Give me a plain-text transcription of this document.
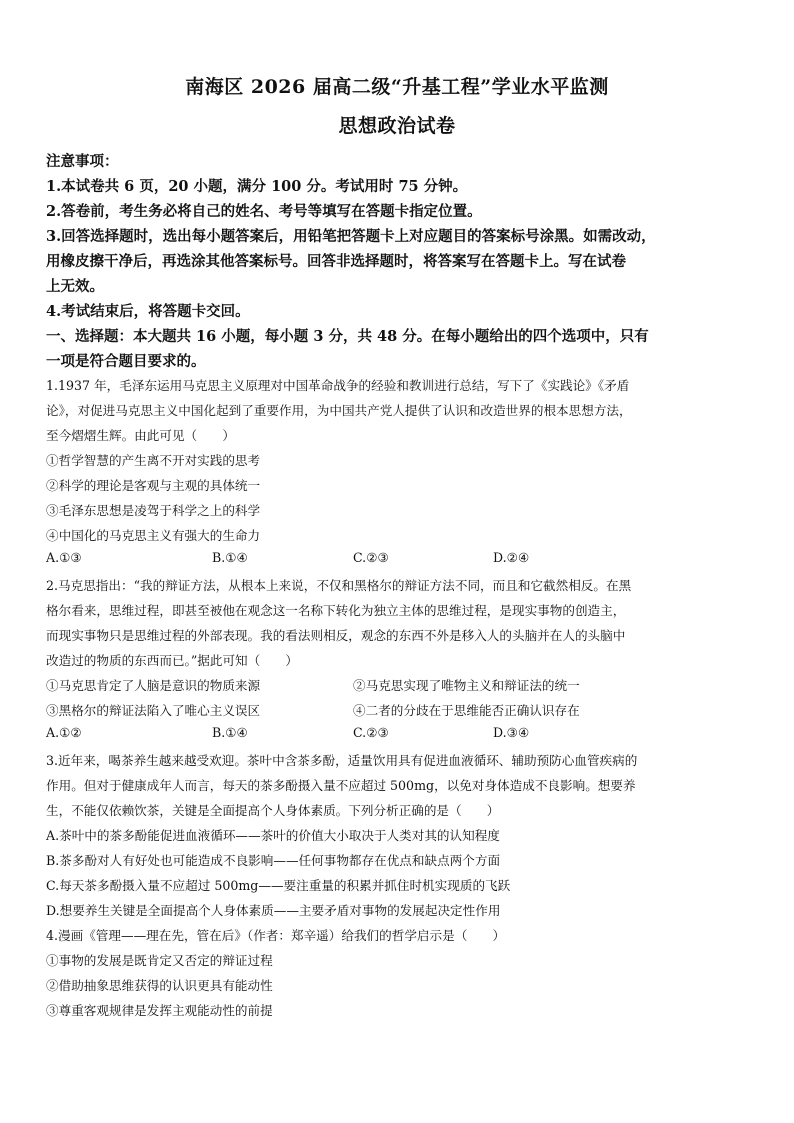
南海区 2026 届高二级“升基工程”学业水平监测
思想政治试卷
注意事项：
1.本试卷共 6 页，20 小题，满分 100 分。考试用时 75 分钟。
2.答卷前，考生务必将自己的姓名、考号等填写在答题卡指定位置。
3.回答选择题时，选出每小题答案后，用铅笔把答题卡上对应题目的答案标号涂黑。如需改动，
用橡皮擦干净后，再选涂其他答案标号。回答非选择题时，将答案写在答题卡上。写在试卷
上无效。
4.考试结束后，将答题卡交回。
一、选择题：本大题共 16 小题，每小题 3 分，共 48 分。在每小题给出的四个选项中，只有
一项是符合题目要求的。
1.1937 年，毛泽东运用马克思主义原理对中国革命战争的经验和教训进行总结，写下了《实践论》《矛盾
论》，对促进马克思主义中国化起到了重要作用，为中国共产党人提供了认识和改造世界的根本思想方法，
至今熠熠生辉。由此可见（　　）
①哲学智慧的产生离不开对实践的思考
②科学的理论是客观与主观的具体统一
③毛泽东思想是凌驾于科学之上的科学
④中国化的马克思主义有强大的生命力
A.①③	B.①④	C.②③	D.②④
2.马克思指出：“我的辩证方法，从根本上来说，不仅和黑格尔的辩证方法不同，而且和它截然相反。在黑
格尔看来，思维过程，即甚至被他在观念这一名称下转化为独立主体的思维过程，是现实事物的创造主，
而现实事物只是思维过程的外部表现。我的看法则相反，观念的东西不外是移入人的头脑并在人的头脑中
改造过的物质的东西而已。”据此可知（　　）
①马克思肯定了人脑是意识的物质来源	②马克思实现了唯物主义和辩证法的统一
③黑格尔的辩证法陷入了唯心主义误区	④二者的分歧在于思维能否正确认识存在
A.①②	B.①④	C.②③	D.③④
3.近年来，喝茶养生越来越受欢迎。茶叶中含茶多酚，适量饮用具有促进血液循环、辅助预防心血管疾病的
作用。但对于健康成年人而言，每天的茶多酚摄入量不应超过 500mg，以免对身体造成不良影响。想要养
生，不能仅依赖饮茶，关键是全面提高个人身体素质。下列分析正确的是（　　）
A.茶叶中的茶多酚能促进血液循环——茶叶的价值大小取决于人类对其的认知程度
B.茶多酚对人有好处也可能造成不良影响——任何事物都存在优点和缺点两个方面
C.每天茶多酚摄入量不应超过 500mg——要注重量的积累并抓住时机实现质的飞跃
D.想要养生关键是全面提高个人身体素质——主要矛盾对事物的发展起决定性作用
4.漫画《管理——理在先，管在后》（作者：郑辛遥）给我们的哲学启示是（　　）
①事物的发展是既肯定又否定的辩证过程
②借助抽象思维获得的认识更具有能动性
③尊重客观规律是发挥主观能动性的前提
